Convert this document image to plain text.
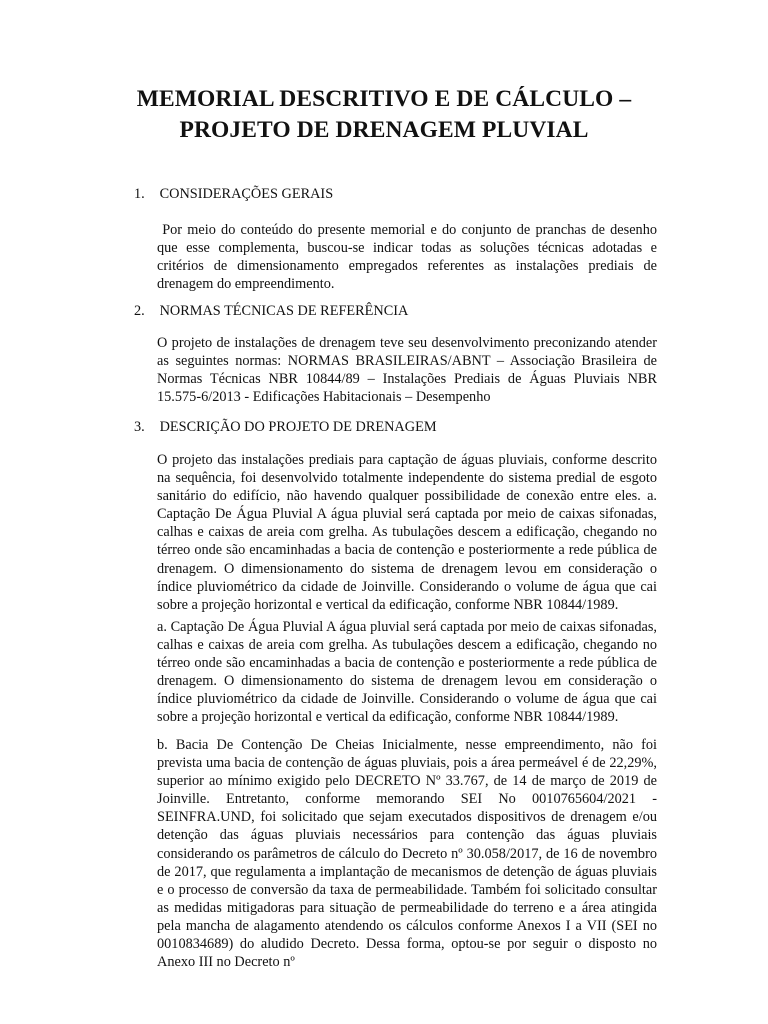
MEMORIAL DESCRITIVO E DE CÁLCULO –
PROJETO DE DRENAGEM PLUVIAL
1. CONSIDERAÇÕES GERAIS
Por meio do conteúdo do presente memorial e do conjunto de pranchas de desenho que esse complementa, buscou-se indicar todas as soluções técnicas adotadas e critérios de dimensionamento empregados referentes as instalações prediais de drenagem do empreendimento.
2. NORMAS TÉCNICAS DE REFERÊNCIA
O projeto de instalações de drenagem teve seu desenvolvimento preconizando atender as seguintes normas: NORMAS BRASILEIRAS/ABNT – Associação Brasileira de Normas Técnicas NBR 10844/89 – Instalações Prediais de Águas Pluviais NBR 15.575-6/2013 - Edificações Habitacionais – Desempenho
3. DESCRIÇÃO DO PROJETO DE DRENAGEM
O projeto das instalações prediais para captação de águas pluviais, conforme descrito na sequência, foi desenvolvido totalmente independente do sistema predial de esgoto sanitário do edifício, não havendo qualquer possibilidade de conexão entre eles. a. Captação De Água Pluvial A água pluvial será captada por meio de caixas sifonadas, calhas e caixas de areia com grelha. As tubulações descem a edificação, chegando no térreo onde são encaminhadas a bacia de contenção e posteriormente a rede pública de drenagem. O dimensionamento do sistema de drenagem levou em consideração o índice pluviométrico da cidade de Joinville. Considerando o volume de água que cai sobre a projeção horizontal e vertical da edificação, conforme NBR 10844/1989.
a. Captação De Água Pluvial A água pluvial será captada por meio de caixas sifonadas, calhas e caixas de areia com grelha. As tubulações descem a edificação, chegando no térreo onde são encaminhadas a bacia de contenção e posteriormente a rede pública de drenagem. O dimensionamento do sistema de drenagem levou em consideração o índice pluviométrico da cidade de Joinville. Considerando o volume de água que cai sobre a projeção horizontal e vertical da edificação, conforme NBR 10844/1989.
b. Bacia De Contenção De Cheias Inicialmente, nesse empreendimento, não foi prevista uma bacia de contenção de águas pluviais, pois a área permeável é de 22,29%, superior ao mínimo exigido pelo DECRETO Nº 33.767, de 14 de março de 2019 de Joinville. Entretanto, conforme memorando SEI No 0010765604/2021 - SEINFRA.UND, foi solicitado que sejam executados dispositivos de drenagem e/ou detenção das águas pluviais necessários para contenção das águas pluviais considerando os parâmetros de cálculo do Decreto nº 30.058/2017, de 16 de novembro de 2017, que regulamenta a implantação de mecanismos de detenção de águas pluviais e o processo de conversão da taxa de permeabilidade. Também foi solicitado consultar as medidas mitigadoras para situação de permeabilidade do terreno e a área atingida pela mancha de alagamento atendendo os cálculos conforme Anexos I a VII (SEI no 0010834689) do aludido Decreto. Dessa forma, optou-se por seguir o disposto no Anexo III no Decreto nº
